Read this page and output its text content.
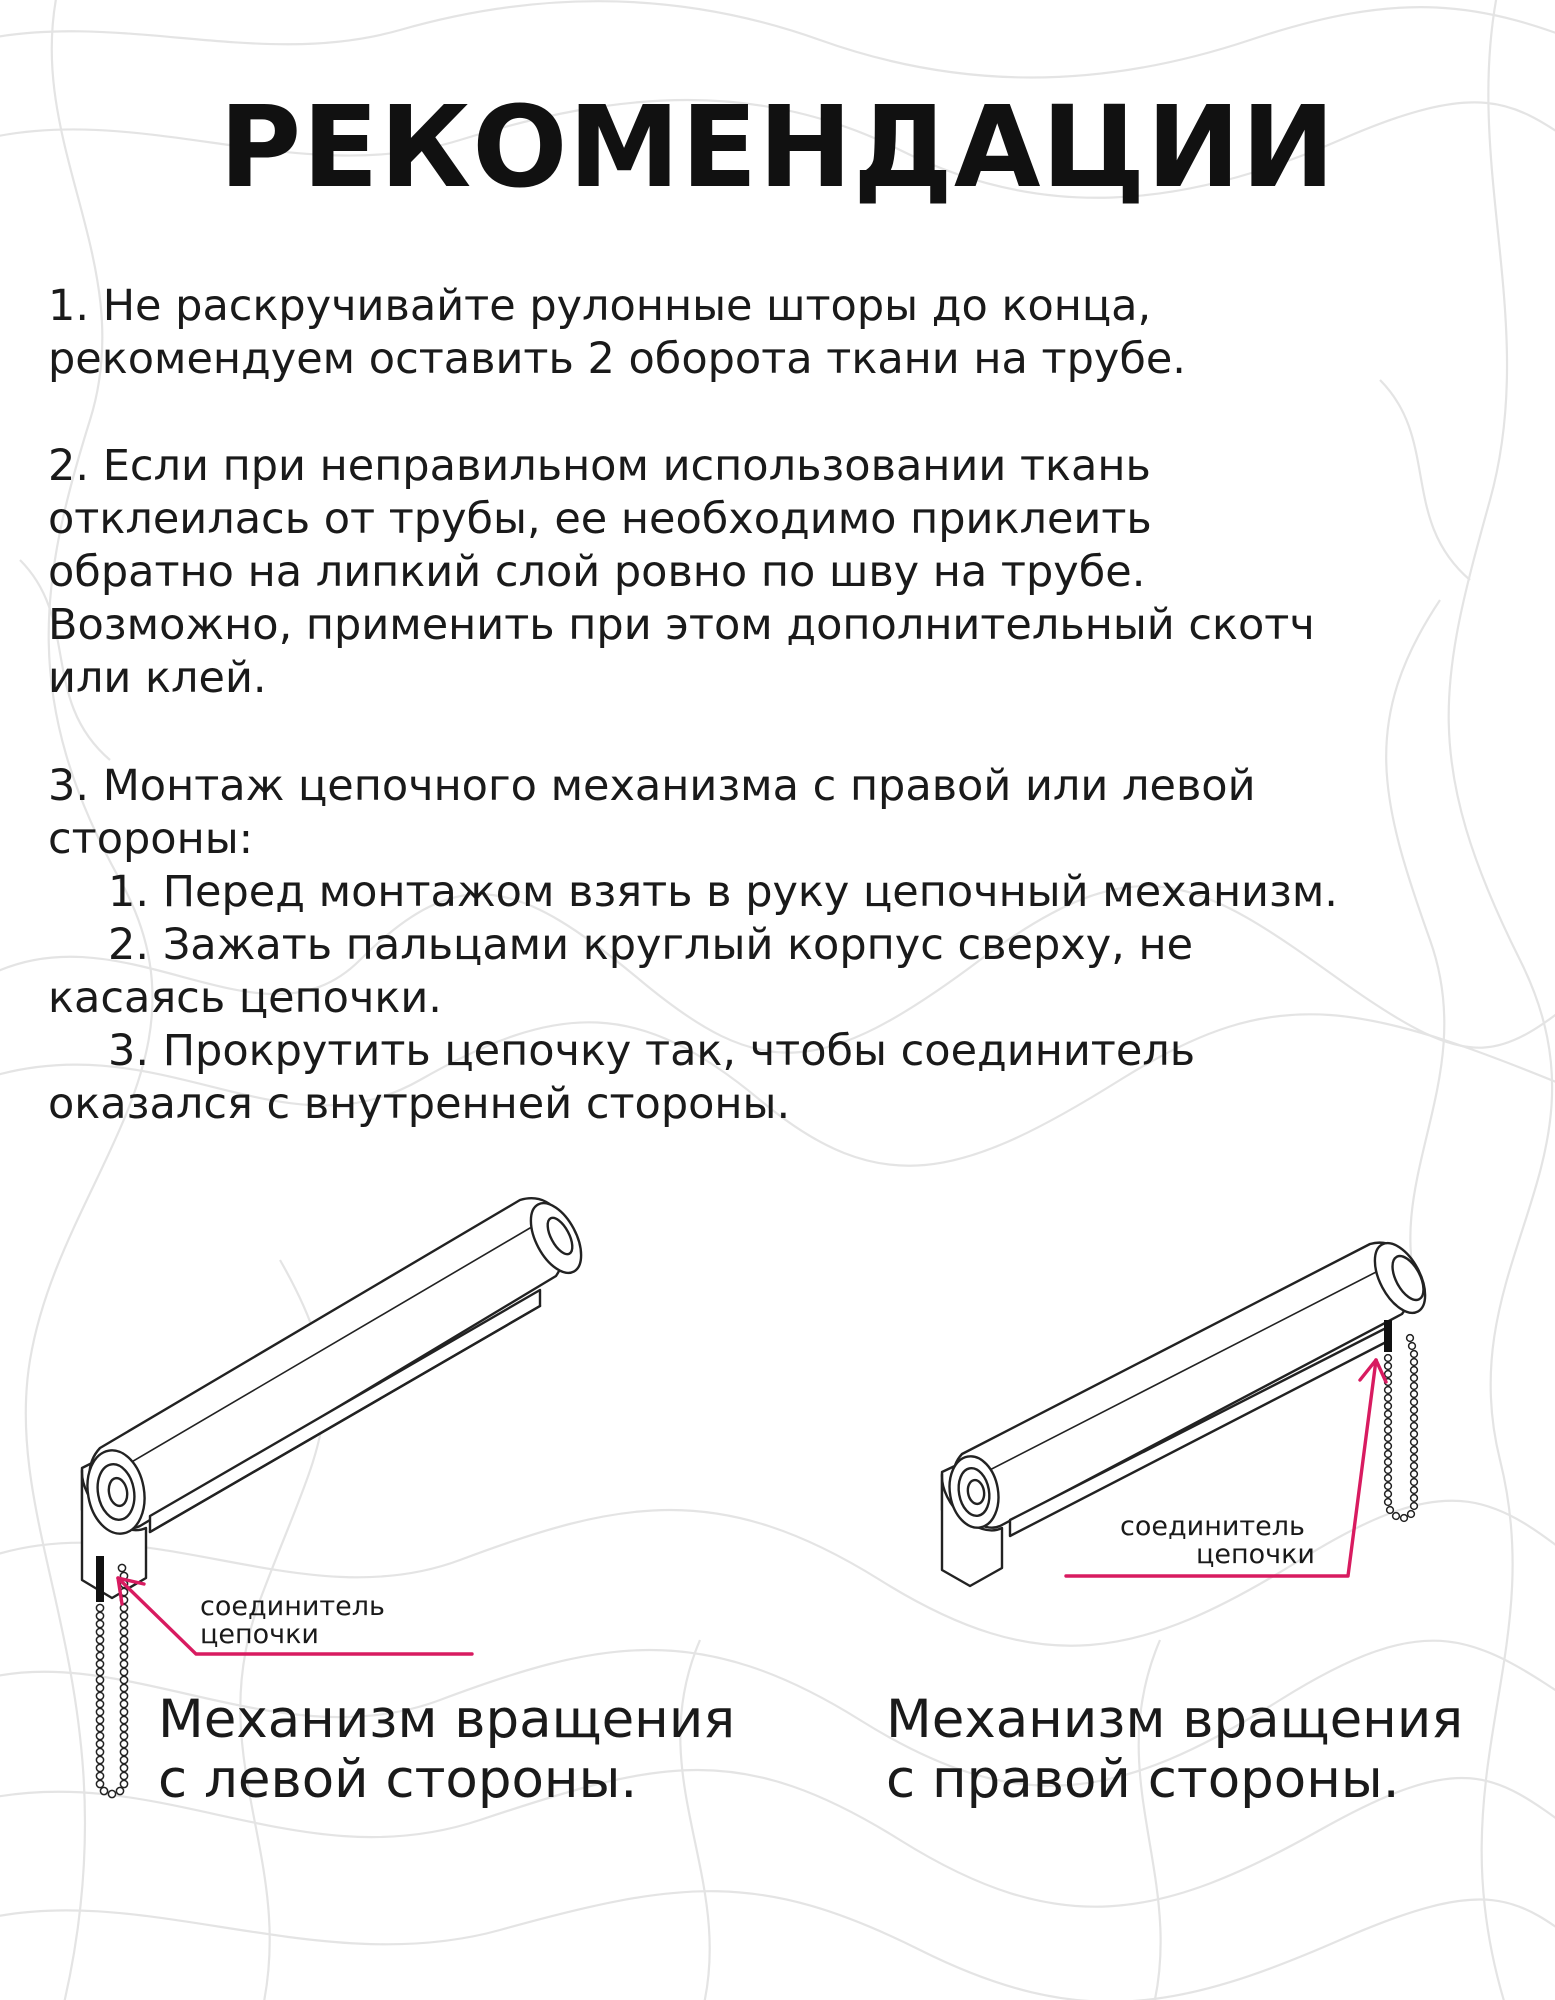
РЕКОМЕНДАЦИИ
1. Не раскручивайте рулонные шторы до конца,
рекомендуем оставить 2 оборота ткани на трубе.
2. Если при неправильном использовании ткань
отклеилась от трубы, ее необходимо приклеить
обратно на липкий слой ровно по шву на трубе.
Возможно, применить при этом дополнительный скотч
или клей.
3. Монтаж цепочного механизма с правой или левой
стороны:
1. Перед монтажом взять в руку цепочный механизм.
2. Зажать пальцами круглый корпус сверху, не
касаясь цепочки.
3. Прокрутить цепочку так, чтобы соединитель
оказался с внутренней стороны.
соединитель
цепочки
Механизм вращения
с левой стороны.
соединитель
цепочки
Механизм вращения
с правой стороны.
